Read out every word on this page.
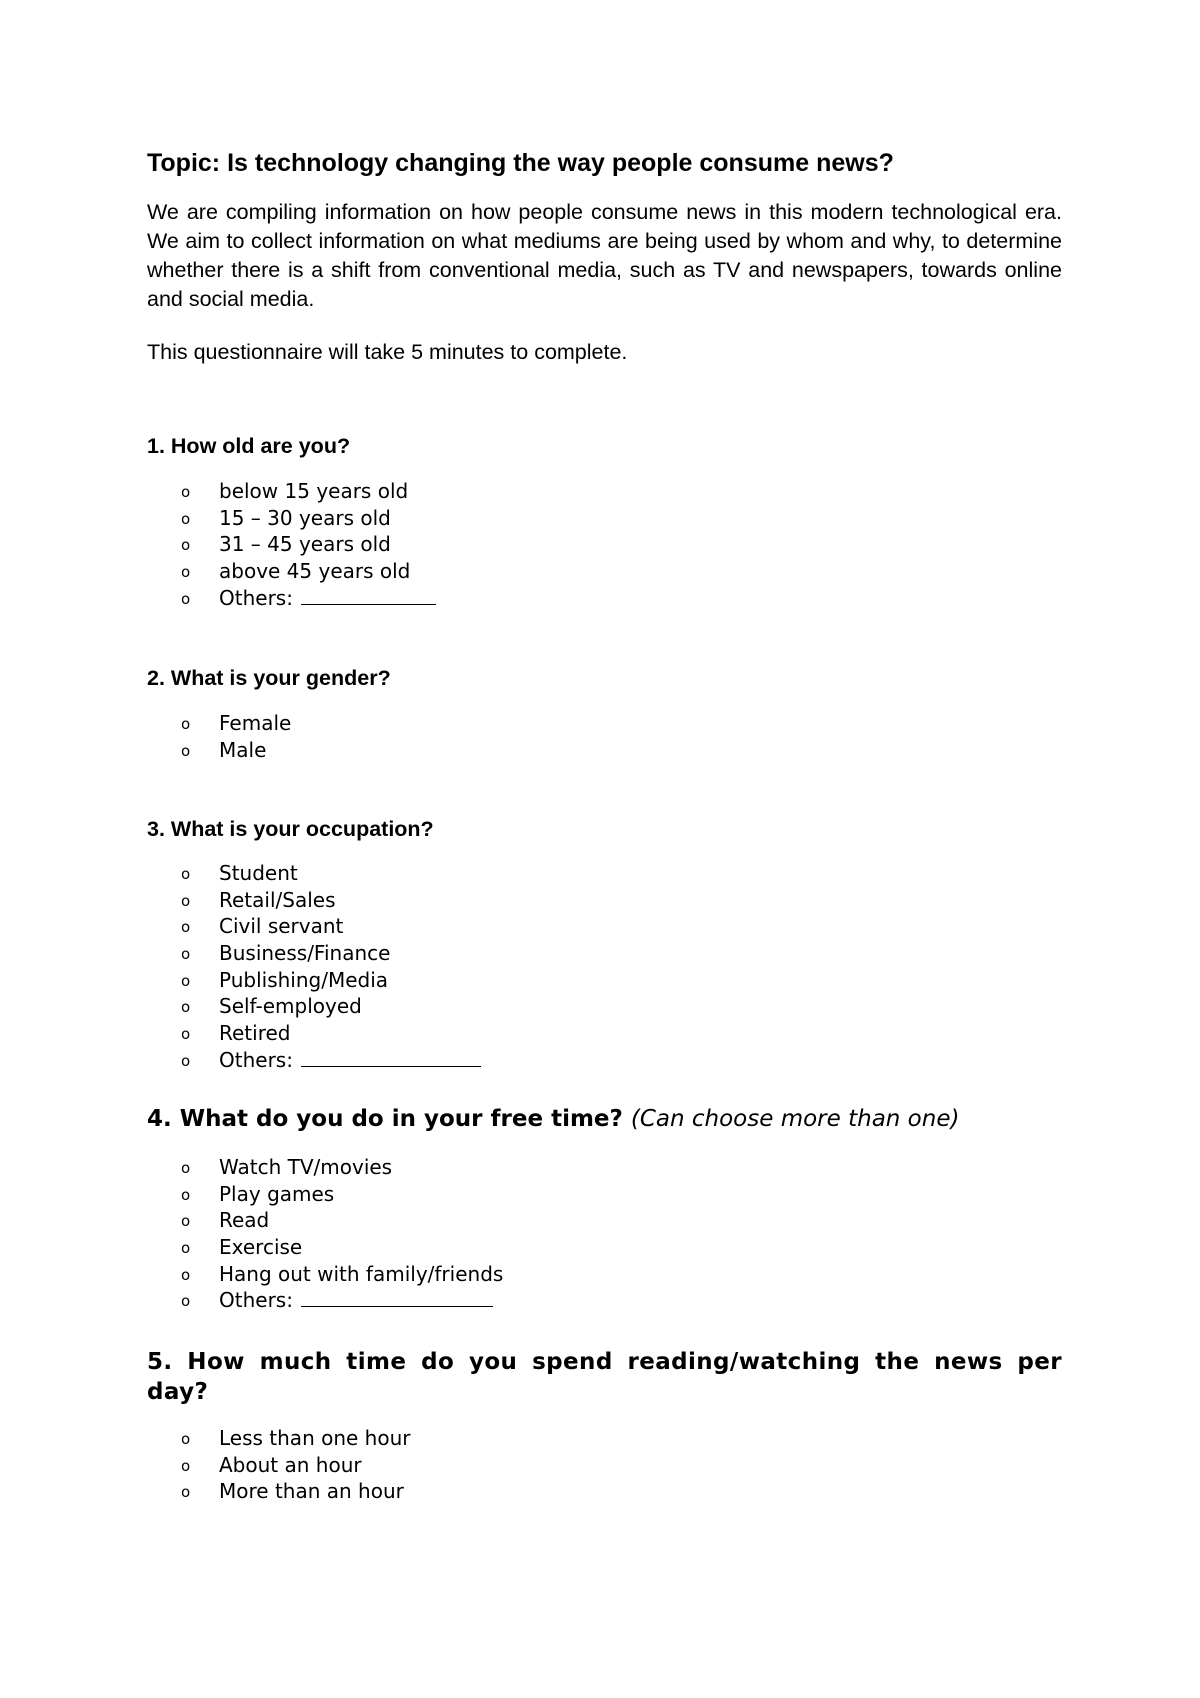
Topic: Is technology changing the way people consume news?

We are compiling information on how people consume news in this modern technological era. We aim to collect information on what mediums are being used by whom and why, to determine whether there is a shift from conventional media, such as TV and newspapers, towards online and social media.

This questionnaire will take 5 minutes to complete.

1. How old are you?
o below 15 years old
o 15 – 30 years old
o 31 – 45 years old
o above 45 years old
o Others:
2. What is your gender?
o Female
o Male
3. What is your occupation?
o Student
o Retail/Sales
o Civil servant
o Business/Finance
o Publishing/Media
o Self-employed
o Retired
o Others:
4. What do you do in your free time? (Can choose more than one)
o Watch TV/movies
o Play games
o Read
o Exercise
o Hang out with family/friends
o Others:
5. How much time do you spend reading/watching the news per day?
o Less than one hour
o About an hour
o More than an hour
